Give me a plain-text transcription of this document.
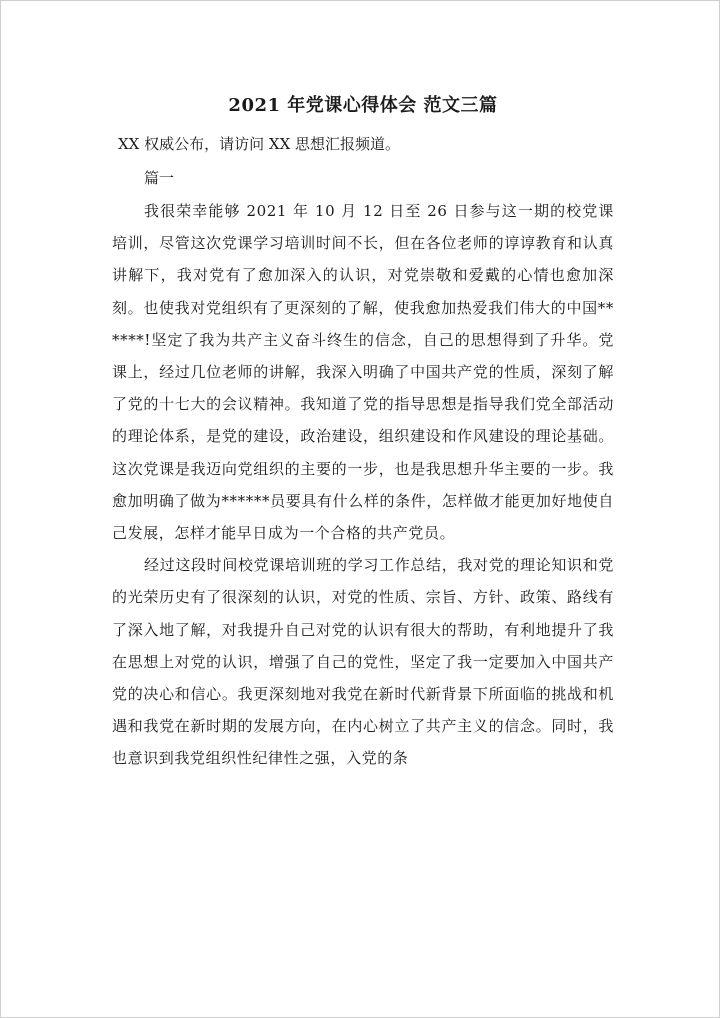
2021 年党课心得体会 范文三篇

XX 权威公布，请访问 XX 思想汇报频道。

篇一

我很荣幸能够 2021 年 10 月 12 日至 26 日参与这一期的校党课培训，尽管这次党课学习培训时间不长，但在各位老师的谆谆教育和认真讲解下，我对党有了愈加深入的认识，对党崇敬和爱戴的心情也愈加深刻。也使我对党组织有了更深刻的了解，使我愈加热爱我们伟大的中国******!坚定了我为共产主义奋斗终生的信念，自己的思想得到了升华。党课上，经过几位老师的讲解，我深入明确了中国共产党的性质，深刻了解了党的十七大的会议精神。我知道了党的指导思想是指导我们党全部活动的理论体系，是党的建设，政治建设，组织建设和作风建设的理论基础。这次党课是我迈向党组织的主要的一步，也是我思想升华主要的一步。我愈加明确了做为******员要具有什么样的条件，怎样做才能更加好地使自己发展，怎样才能早日成为一个合格的共产党员。

经过这段时间校党课培训班的学习工作总结，我对党的理论知识和党的光荣历史有了很深刻的认识，对党的性质、宗旨、方针、政策、路线有了深入地了解，对我提升自己对党的认识有很大的帮助，有利地提升了我在思想上对党的认识，增强了自己的党性，坚定了我一定要加入中国共产党的决心和信心。我更深刻地对我党在新时代新背景下所面临的挑战和机遇和我党在新时期的发展方向，在内心树立了共产主义的信念。同时，我也意识到我党组织性纪律性之强，入党的条
